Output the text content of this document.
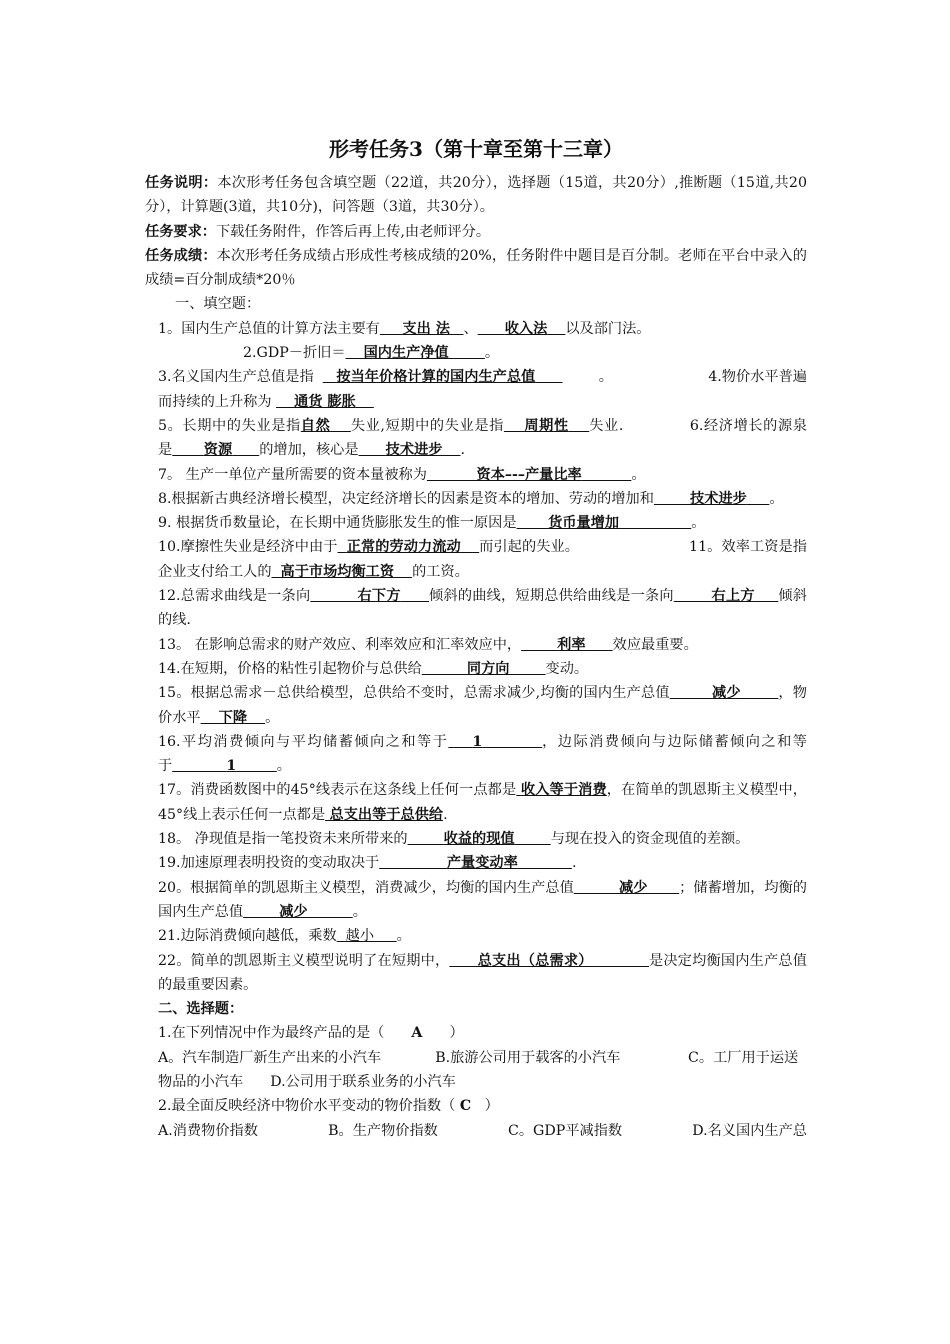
形考任务3（第十章至第十三章）

任务说明：本次形考任务包含填空题（22道，共20分），选择题（15道，共20分）,推断题（15道,共20分），计算题(3道，共10分)，问答题（3道，共30分）。

任务要求：下载任务附件，作答后再上传,由老师评分。

任务成绩：本次形考任务成绩占形成性考核成绩的20%，任务附件中题目是百分制。老师在平台中录入的成绩=百分制成绩*20％

一、填空题：

1。国内生产总值的计算方法主要有 支出 法 、 收入法 以及部门法。

2.GDP－折旧＝ 国内生产净值	。

3.名义国内生产总值是指 按当年价格计算的国内生产总值	。	4.物价水平普遍而持续的上升称为 通货 膨胀

5。长期中的失业是指自然 失业,短期中的失业是指 周期性 失业.	6.经济增长的源泉是 资源 的增加，核心是 技术进步 .

7。 生产一单位产量所需要的资本量被称为	资本–-–产量比率	。

8.根据新古典经济增长模型，决定经济增长的因素是资本的增加、劳动的增加和	技术进步 。

9. 根据货币数量论，在长期中通货膨胀发生的惟一原因是 货币量增加	。

10.摩擦性失业是经济中由于 正常的劳动力流动 而引起的失业。	11。效率工资是指企业支付给工人的 高于市场均衡工资 的工资。

12.总需求曲线是一条向	右下方 倾斜的曲线，短期总供给曲线是一条向	右上方 倾斜的线.

13。 在影响总需求的财产效应、利率效应和汇率效应中，	利率 效应最重要。

14.在短期，价格的粘性引起物价与总供给	同方向	变动。

15。根据总需求－总供给模型，总供给不变时，总需求减少,均衡的国内生产总值	减少	，物价水平 下降 。

16.平均消费倾向与平均储蓄倾向之和等于 1	，边际消费倾向与边际储蓄倾向之和等于	1	。

17。消费函数图中的45°线表示在这条线上任何一点都是 收入等于消费，在简单的凯恩斯主义模型中，45°线上表示任何一点都是 总支出等于总供给.

18。 净现值是指一笔投资未来所带来的	收益的现值	与现在投入的资金现值的差额。

19.加速原理表明投资的变动取决于	产量变动率	.

20。根据简单的凯恩斯主义模型，消费减少，均衡的国内生产总值	减少 ；储蓄增加，均衡的国内生产总值	减少	。

21.边际消费倾向越低，乘数 越小 。

22。简单的凯恩斯主义模型说明了在短期中， 总支出（总需求）	是决定均衡国内生产总值的最重要因素。

二、选择题：

1.在下列情况中作为最终产品的是（ A ）

A。汽车制造厂新生产出来的小汽车	B.旅游公司用于载客的小汽车	C。工厂用于运送物品的小汽车 D.公司用于联系业务的小汽车

2.最全面反映经济中物价水平变动的物价指数（ C ）

A.消费物价指数	B。生产物价指数	C。GDP平减指数	D.名义国内生产总
